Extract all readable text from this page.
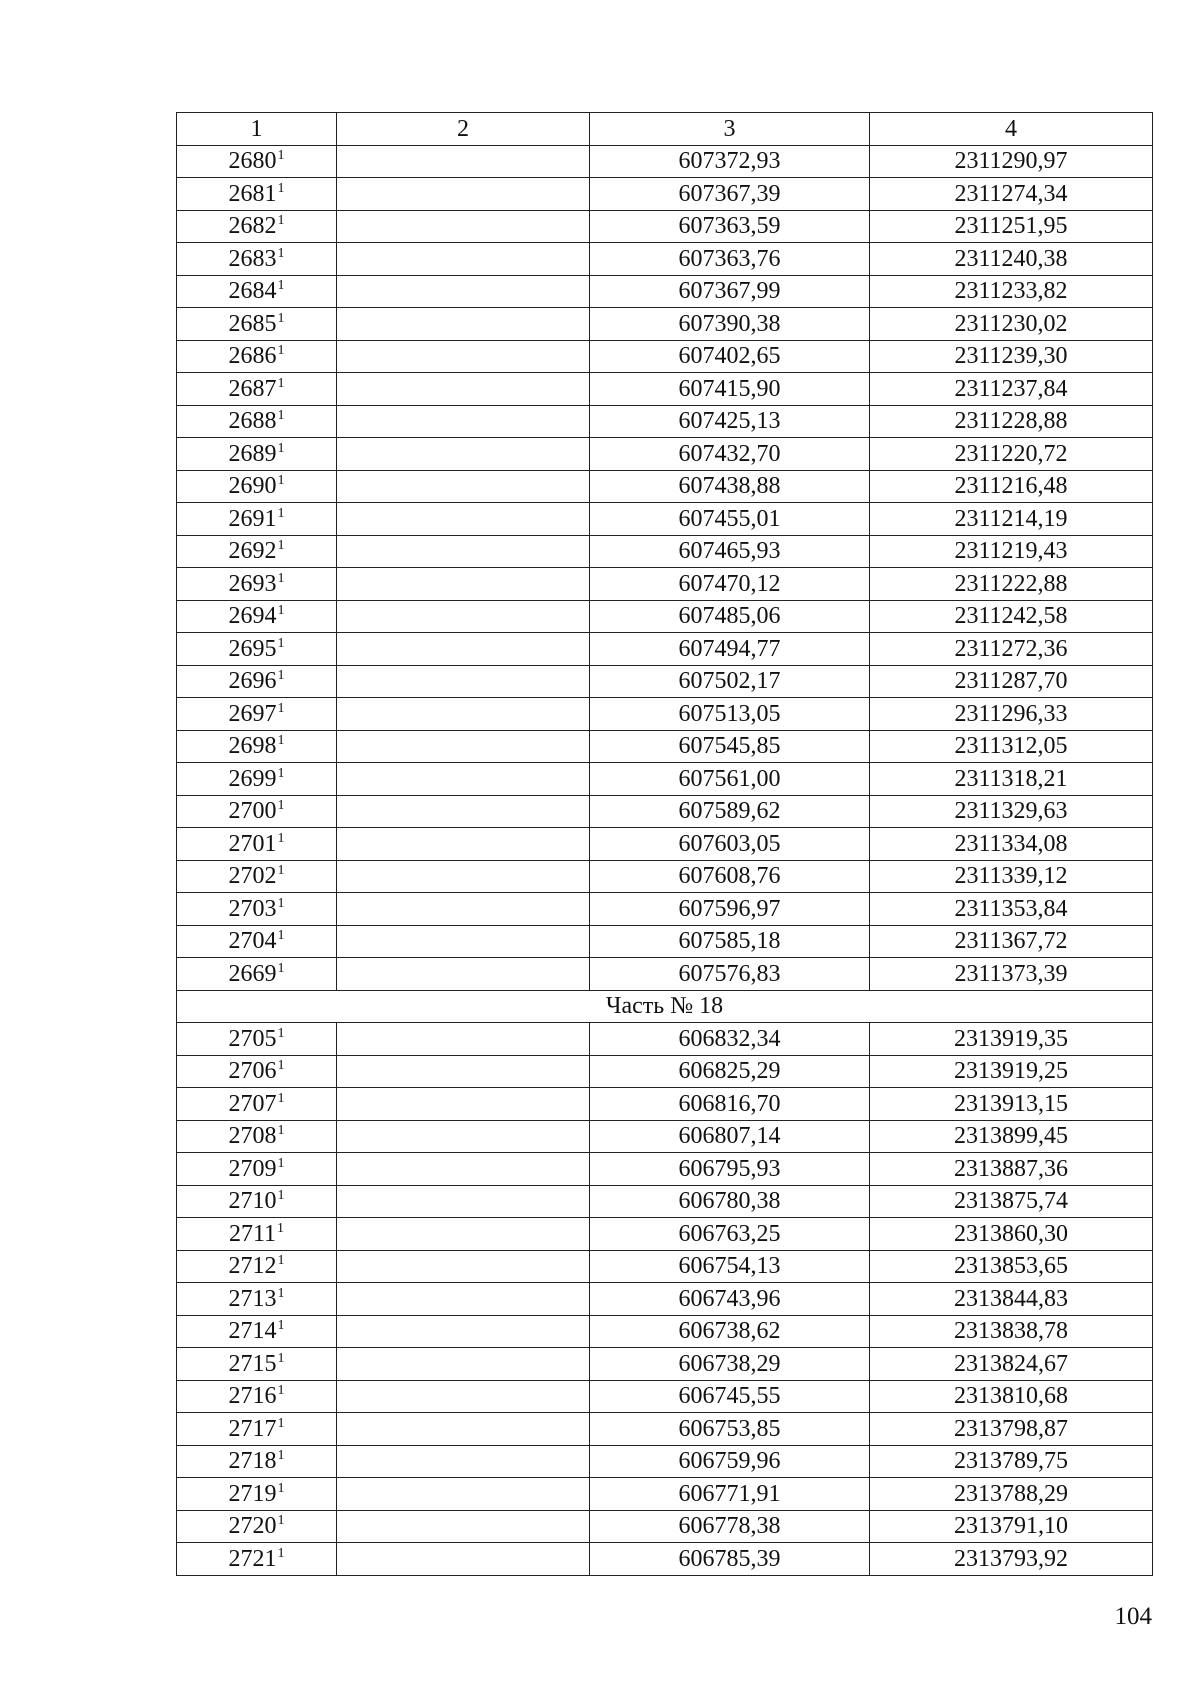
1	2	3	4
2680$^1$		607372,93	2311290,97
2681$^1$		607367,39	2311274,34
2682$^1$		607363,59	2311251,95
2683$^1$		607363,76	2311240,38
2684$^1$		607367,99	2311233,82
2685$^1$		607390,38	2311230,02
2686$^1$		607402,65	2311239,30
2687$^1$		607415,90	2311237,84
2688$^1$		607425,13	2311228,88
2689$^1$		607432,70	2311220,72
2690$^1$		607438,88	2311216,48
2691$^1$		607455,01	2311214,19
2692$^1$		607465,93	2311219,43
2693$^1$		607470,12	2311222,88
2694$^1$		607485,06	2311242,58
2695$^1$		607494,77	2311272,36
2696$^1$		607502,17	2311287,70
2697$^1$		607513,05	2311296,33
2698$^1$		607545,85	2311312,05
2699$^1$		607561,00	2311318,21
2700$^1$		607589,62	2311329,63
2701$^1$		607603,05	2311334,08
2702$^1$		607608,76	2311339,12
2703$^1$		607596,97	2311353,84
2704$^1$		607585,18	2311367,72
2669$^1$		607576,83	2311373,39
Часть № 18			
2705$^1$		606832,34	2313919,35
2706$^1$		606825,29	2313919,25
2707$^1$		606816,70	2313913,15
2708$^1$		606807,14	2313899,45
2709$^1$		606795,93	2313887,36
2710$^1$		606780,38	2313875,74
2711$^1$		606763,25	2313860,30
2712$^1$		606754,13	2313853,65
2713$^1$		606743,96	2313844,83
2714$^1$		606738,62	2313838,78
2715$^1$		606738,29	2313824,67
2716$^1$		606745,55	2313810,68
2717$^1$		606753,85	2313798,87
2718$^1$		606759,96	2313789,75
2719$^1$		606771,91	2313788,29
2720$^1$		606778,38	2313791,10
2721$^1$		606785,39	2313793,92
104
